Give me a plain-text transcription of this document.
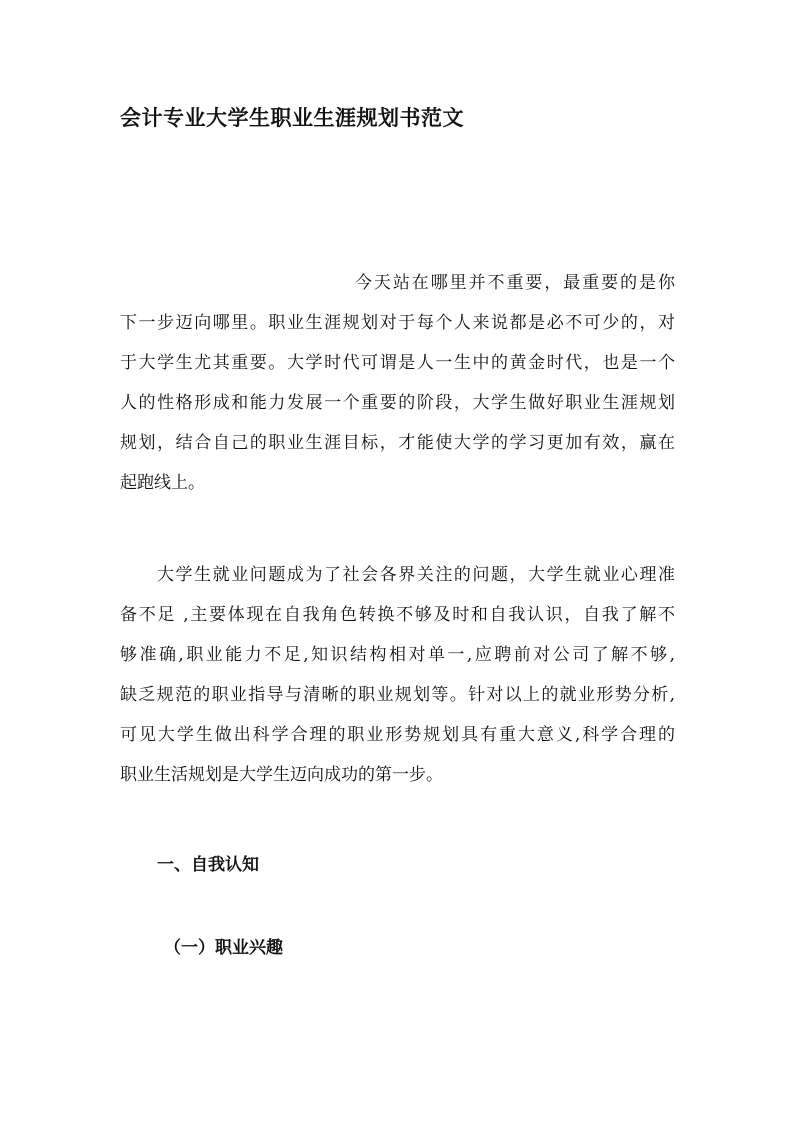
会计专业大学生职业生涯规划书范文
今天站在哪里并不重要，最重要的是你
下一步迈向哪里。职业生涯规划对于每个人来说都是必不可少的，对
于大学生尤其重要。大学时代可谓是人一生中的黄金时代，也是一个
人的性格形成和能力发展一个重要的阶段，大学生做好职业生涯规划
规划，结合自己的职业生涯目标，才能使大学的学习更加有效，赢在
起跑线上。
大学生就业问题成为了社会各界关注的问题，大学生就业心理准
备不足 ,主要体现在自我角色转换不够及时和自我认识，自我了解不
够准确,职业能力不足,知识结构相对单一,应聘前对公司了解不够,
缺乏规范的职业指导与清晰的职业规划等。针对以上的就业形势分析,
可见大学生做出科学合理的职业形势规划具有重大意义,科学合理的
职业生活规划是大学生迈向成功的第一步。
一、自我认知
（一）职业兴趣
